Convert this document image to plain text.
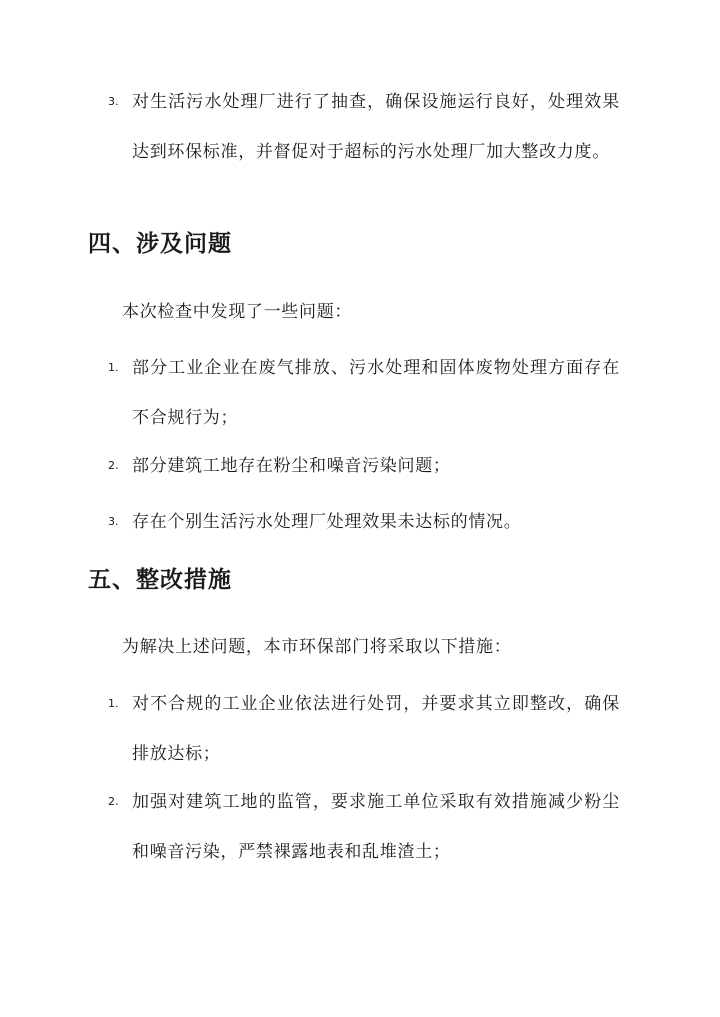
3. 对生活污水处理厂进行了抽查，确保设施运行良好，处理效果达到环保标准，并督促对于超标的污水处理厂加大整改力度。
四、涉及问题
本次检查中发现了一些问题：
1. 部分工业企业在废气排放、污水处理和固体废物处理方面存在不合规行为；
2. 部分建筑工地存在粉尘和噪音污染问题；
3. 存在个别生活污水处理厂处理效果未达标的情况。
五、整改措施
为解决上述问题，本市环保部门将采取以下措施：
1. 对不合规的工业企业依法进行处罚，并要求其立即整改，确保排放达标；
2. 加强对建筑工地的监管，要求施工单位采取有效措施减少粉尘和噪音污染，严禁裸露地表和乱堆渣土；
